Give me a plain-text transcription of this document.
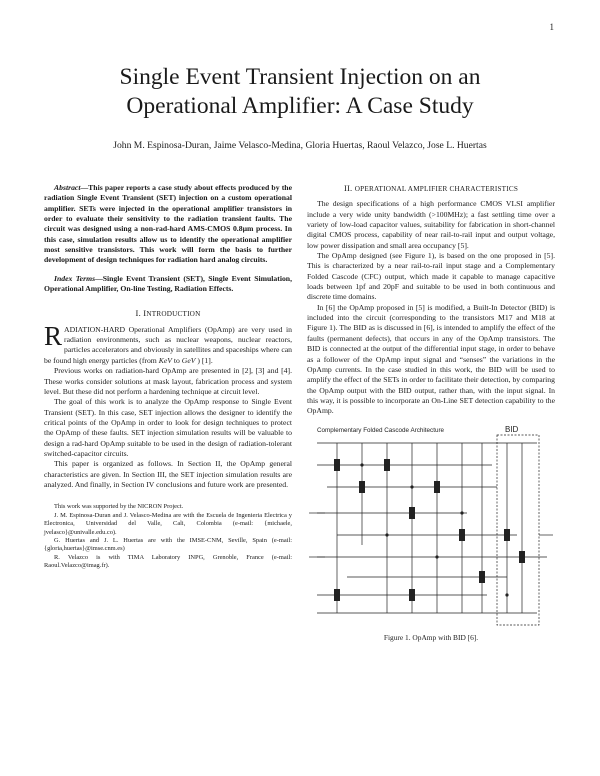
1
Single Event Transient Injection on an
Operational Amplifier: A Case Study
John M. Espinosa-Duran, Jaime Velasco-Medina, Gloria Huertas, Raoul Velazco, Jose L. Huertas

Abstract—This paper reports a case study about effects produced by the radiation Single Event Transient (SET) injection on a custom operational amplifier. SETs were injected in the operational amplifier transistors in order to evaluate their sensitivity to the radiation transient faults. The circuit was designed using a non-rad-hard AMS-CMOS 0.8µm process. In this case, simulation results allow us to identify the operational amplifier most sensitive transistors. This work will form the basis to further development of design techniques for radiation hard analog circuits.

Index Terms—Single Event Transient (SET), Single Event Simulation, Operational Amplifier, On-line Testing, Radiation Effects.

I. INTRODUCTION

RADIATION-HARD Operational Amplifiers (OpAmp) are very used in radiation environments, such as nuclear weapons, nuclear reactors, particles accelerators and obviously in satellites and spaceships where can be found high energy particles (from KeV to GeV ) [1].

Previous works on radiation-hard OpAmp are presented in [2], [3] and [4]. These works consider solutions at mask layout, fabrication process and system level. But these did not perform a hardening technique at circuit level.

The goal of this work is to analyze the OpAmp response to Single Event Transient (SET). In this case, SET injection allows the designer to identify the critical points of the OpAmp in order to look for design techniques to protect the OpAmp of these faults. SET injection simulation results will be valuable to design a rad-hard OpAmp suitable to be used in the design of radiation-tolerant switched-capacitor circuits.

This paper is organized as follows. In Section II, the OpAmp general characteristics are given. In Section III, the SET injection simulation results are analyzed. And finally, in Section IV conclusions and future work are presented.

This work was supported by the NICRON Project.

J. M. Espinosa-Duran and J. Velasco-Medina are with the Escuela de Ingenieria Electrica y Electronica, Universidad del Valle, Cali, Colombia (e-mail: {michaele, jvelasco}@univalle.edu.co).

G. Huertas and J. L. Huertas are with the IMSE-CNM, Seville, Spain (e-mail: {gloria,huertas}@imse.cnm.es)

R. Velazco is with TIMA Laboratory INPG, Grenoble, France (e-mail: Raoul.Velazco@imag.fr).

II. OPERATIONAL AMPLIFIER CHARACTERISTICS

The design specifications of a high performance CMOS VLSI amplifier include a very wide unity bandwidth (>100MHz); a fast settling time over a variety of low-load capacitor values, suitability for fabrication in short-channel digital CMOS process, capability of near rail-to-rail input and output voltage, low power dissipation and small area occupancy [5].

The OpAmp designed (see Figure 1), is based on the one proposed in [5]. This is characterized by a near rail-to-rail input stage and a Complementary Folded Cascode (CFC) output, which made it capable to manage capacitive loads between 1pf and 20pF and suitable to be used in both continuous and discrete time domains.

In [6] the OpAmp proposed in [5] is modified, a Built-In Detector (BID) is included into the circuit (corresponding to the transistors M17 and M18 at Figure 1). The BID as is discussed in [6], is intended to amplify the effect of the faults (permanent defects), that occurs in any of the OpAmp transistors. The BID is connected at the output of the differential input stage, in order to behave as a follower of the OpAmp input signal and “senses” the variations in the OpAmp currents. In the case studied in this work, the BID will be used to amplify the effect of the SETs in order to facilitate their detection, by comparing the OpAmp output with the BID output, rather than, with the input signal. In this way, it is possible to incorporate an On-Line SET detection capability to the OpAmp.

Complementary Folded Cascode Architecture	BID
Figure 1. OpAmp with BID [6].
